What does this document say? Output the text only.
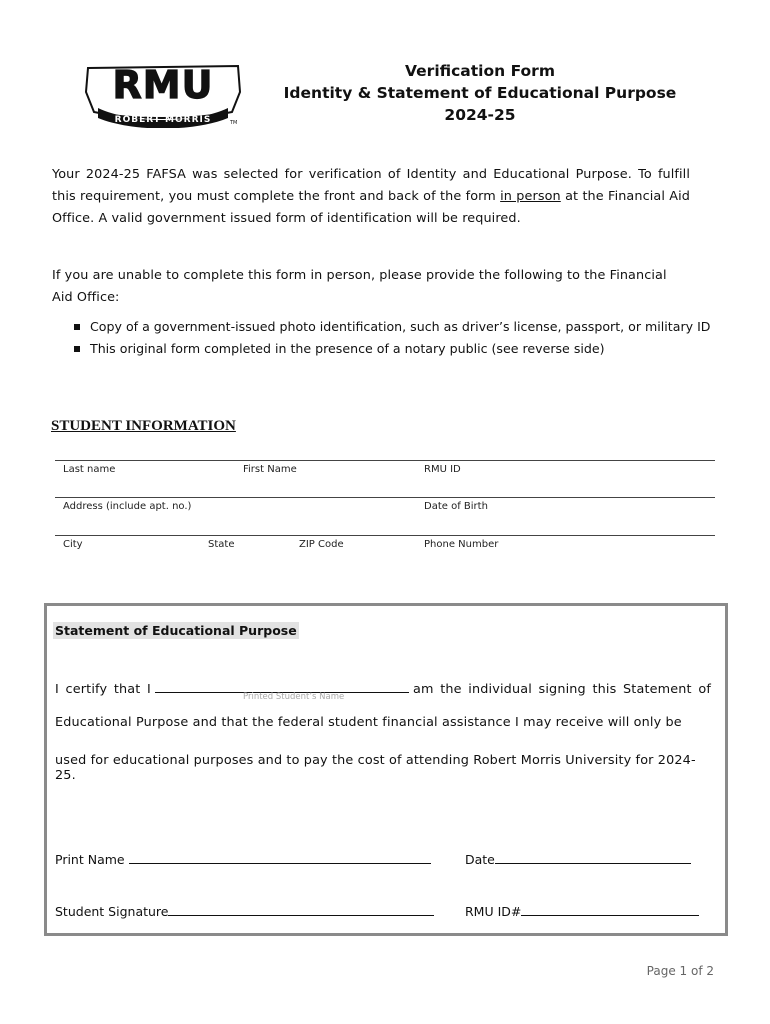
RMU
ROBERT MORRIS	TM
Verification Form
Identity & Statement of Educational Purpose
2024-25
Your 2024-25 FAFSA was selected for verification of Identity and Educational Purpose. To fulfill this requirement, you must complete the front and back of the form in person at the Financial Aid Office. A valid government issued form of identification will be required.
If you are unable to complete this form in person, please provide the following to the Financial Aid Office:
Copy of a government-issued photo identification, such as driver’s license, passport, or military ID
This original form completed in the presence of a notary public (see reverse side)
STUDENT INFORMATION
Last name	First Name	RMU ID
Address (include apt. no.)	Date of Birth
City	State	ZIP Code	Phone Number
Statement of Educational Purpose
I certify that I	am the individual signing this Statement of
Printed Student’s Name
Educational Purpose and that the federal student financial assistance I may receive will only be
used for educational purposes and to pay the cost of attending Robert Morris University for 2024-25.
Print Name	Date
Student Signature	RMU ID#
Page 1 of 2
